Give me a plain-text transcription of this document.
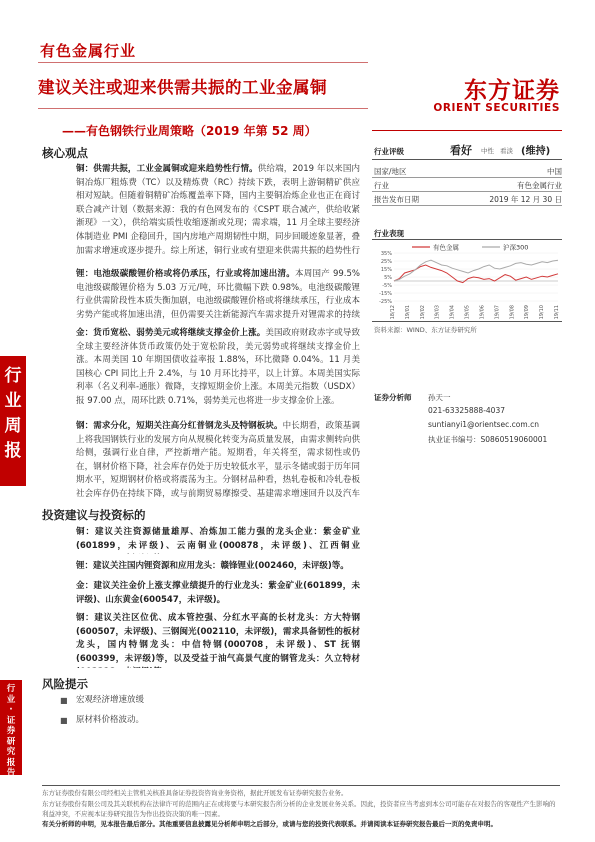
有色金属行业
建议关注或迎来供需共振的工业金属铜
——有色钢铁行业周策略（2019 年第 52 周）
东方证券
ORIENT SECURITIES
行业周报
行业·证券研究报告
核心观点
铜：供需共振，工业金属铜或迎来趋势性行情。供给端，2019 年以来国内铜冶炼厂粗炼费（TC）以及精炼费（RC）持续下跌，表明上游铜精矿供应相对短缺。但随着铜精矿冶炼覆盖率下降，国内主要铜冶炼企业也正在商讨联合减产计划（数据来源：我的有色网发布的《CSPT 联合减产，供给收紧渐现》一文），供给端实质性收缩逐渐或兑现；需求端，11 月全球主要经济体制造业 PMI 企稳回升，国内房地产周期韧性中期，同步回暖迹象显著，叠加需求增速或逐步提升。综上所述，铜行业或有望迎来供需共振的趋势性行
锂：电池级碳酸锂价格或将仍承压，行业或将加速出清。本周国产 99.5%电池级碳酸锂价格为 5.03 万元/吨，环比微幅下跌 0.98%。电池级碳酸锂行业供需阶段性本质失衡加剧，电池级碳酸锂价格或将继续承压，行业成本劣势产能或将加速出清，但仍需要关注新能源汽车需求提升对锂需求的持续
金：货币宽松、弱势美元或将继续支撑金价上涨。美国政府财政赤字或导致全球主要经济体货币政策仍处于宽松阶段，美元弱势或将继续支撑金价上涨。本周美国 10 年期国债收益率报 1.88%，环比微降 0.04%。11 月美国核心 CPI 同比上升 2.4%，与 10 月环比持平，以上计算。本周美国实际利率（名义利率-通胀）微降，支撑短期金价上涨。本周美元指数（USDX）报 97.00 点，周环比跌 0.71%，弱势美元也将进一步支撑金价上涨。
钢：需求分化，短期关注高分红普钢龙头及特钢板块。中长期看，政策基调上将我国钢铁行业的发展方向从规模化转变为高质量发展，由需求侧转向供给侧，强调行业自律，严控新增产能。短期看，年关将至，需求韧性或仍在，钢材价格下降，社会库存仍处于历史较低水平，显示冬储或弱于历年同期水平，短期钢材价格或将震荡为主。分钢材品种看，热轧卷板和冷轧卷板社会库存仍在持续下降，或与前期贸易摩擦受、基建需求增速回升以及汽车
投资建议与投资标的
铜：建议关注资源储量雄厚、冶炼加工能力强的龙头企业：紫金矿业(601899，未评级)、云南铜业(000878，未评级)、江西铜业
锂：建议关注国内锂资源和应用龙头：赣锋锂业(002460，未评级)等。
金：建议关注金价上涨支撑业绩提升的行业龙头：紫金矿业(601899，未评级)、山东黄金(600547，未评级)。
钢：建议关注区位优、成本管控强、分红水平高的长材龙头：方大特钢(600507，未评级)、三钢闽光(002110，未评级)，需求具备韧性的板材龙头，国内特钢龙头：中信特钢(000708，未评级)、ST 抚钢(600399，未评级)等，以及受益于油气高景气度的钢管龙头：久立特材
风险提示
■ 宏观经济增速放缓
■ 原材料价格波动。
行业评级	看好 中性 看淡 (维持)
国家/地区	中国
行业	有色金属行业
报告发布日期	2019 年 12 月 30 日
行业表现
有色金属	沪深300
35%
25%
15%
5%
-5%
-15%
-25%
18/12 19/01 19/02 19/03 19/04 19/05 19/06 19/07 19/08 19/09 19/10 19/11
资料来源：WIND、东方证券研究所
证券分析师 孙天一
021-63325888-4037
suntianyi1@orientsec.com.cn
执业证书编号：S0860519060001
东方证券股份有限公司经相关主管机关核准具备证券投资咨询业务资格，据此开展发布证券研究报告业务。
东方证券股份有限公司及其关联机构在法律许可的范围内正在或将要与本研究报告所分析的企业发展业务关系。因此，投资者应当考虑到本公司可能存在对报告的客观性产生影响的利益冲突，不应视本证券研究报告为作出投资决策的唯一因素。
有关分析师的申明，见本报告最后部分。其他重要信息披露见分析师申明之后部分，或请与您的投资代表联系。并请阅读本证券研究报告最后一页的免责申明。
